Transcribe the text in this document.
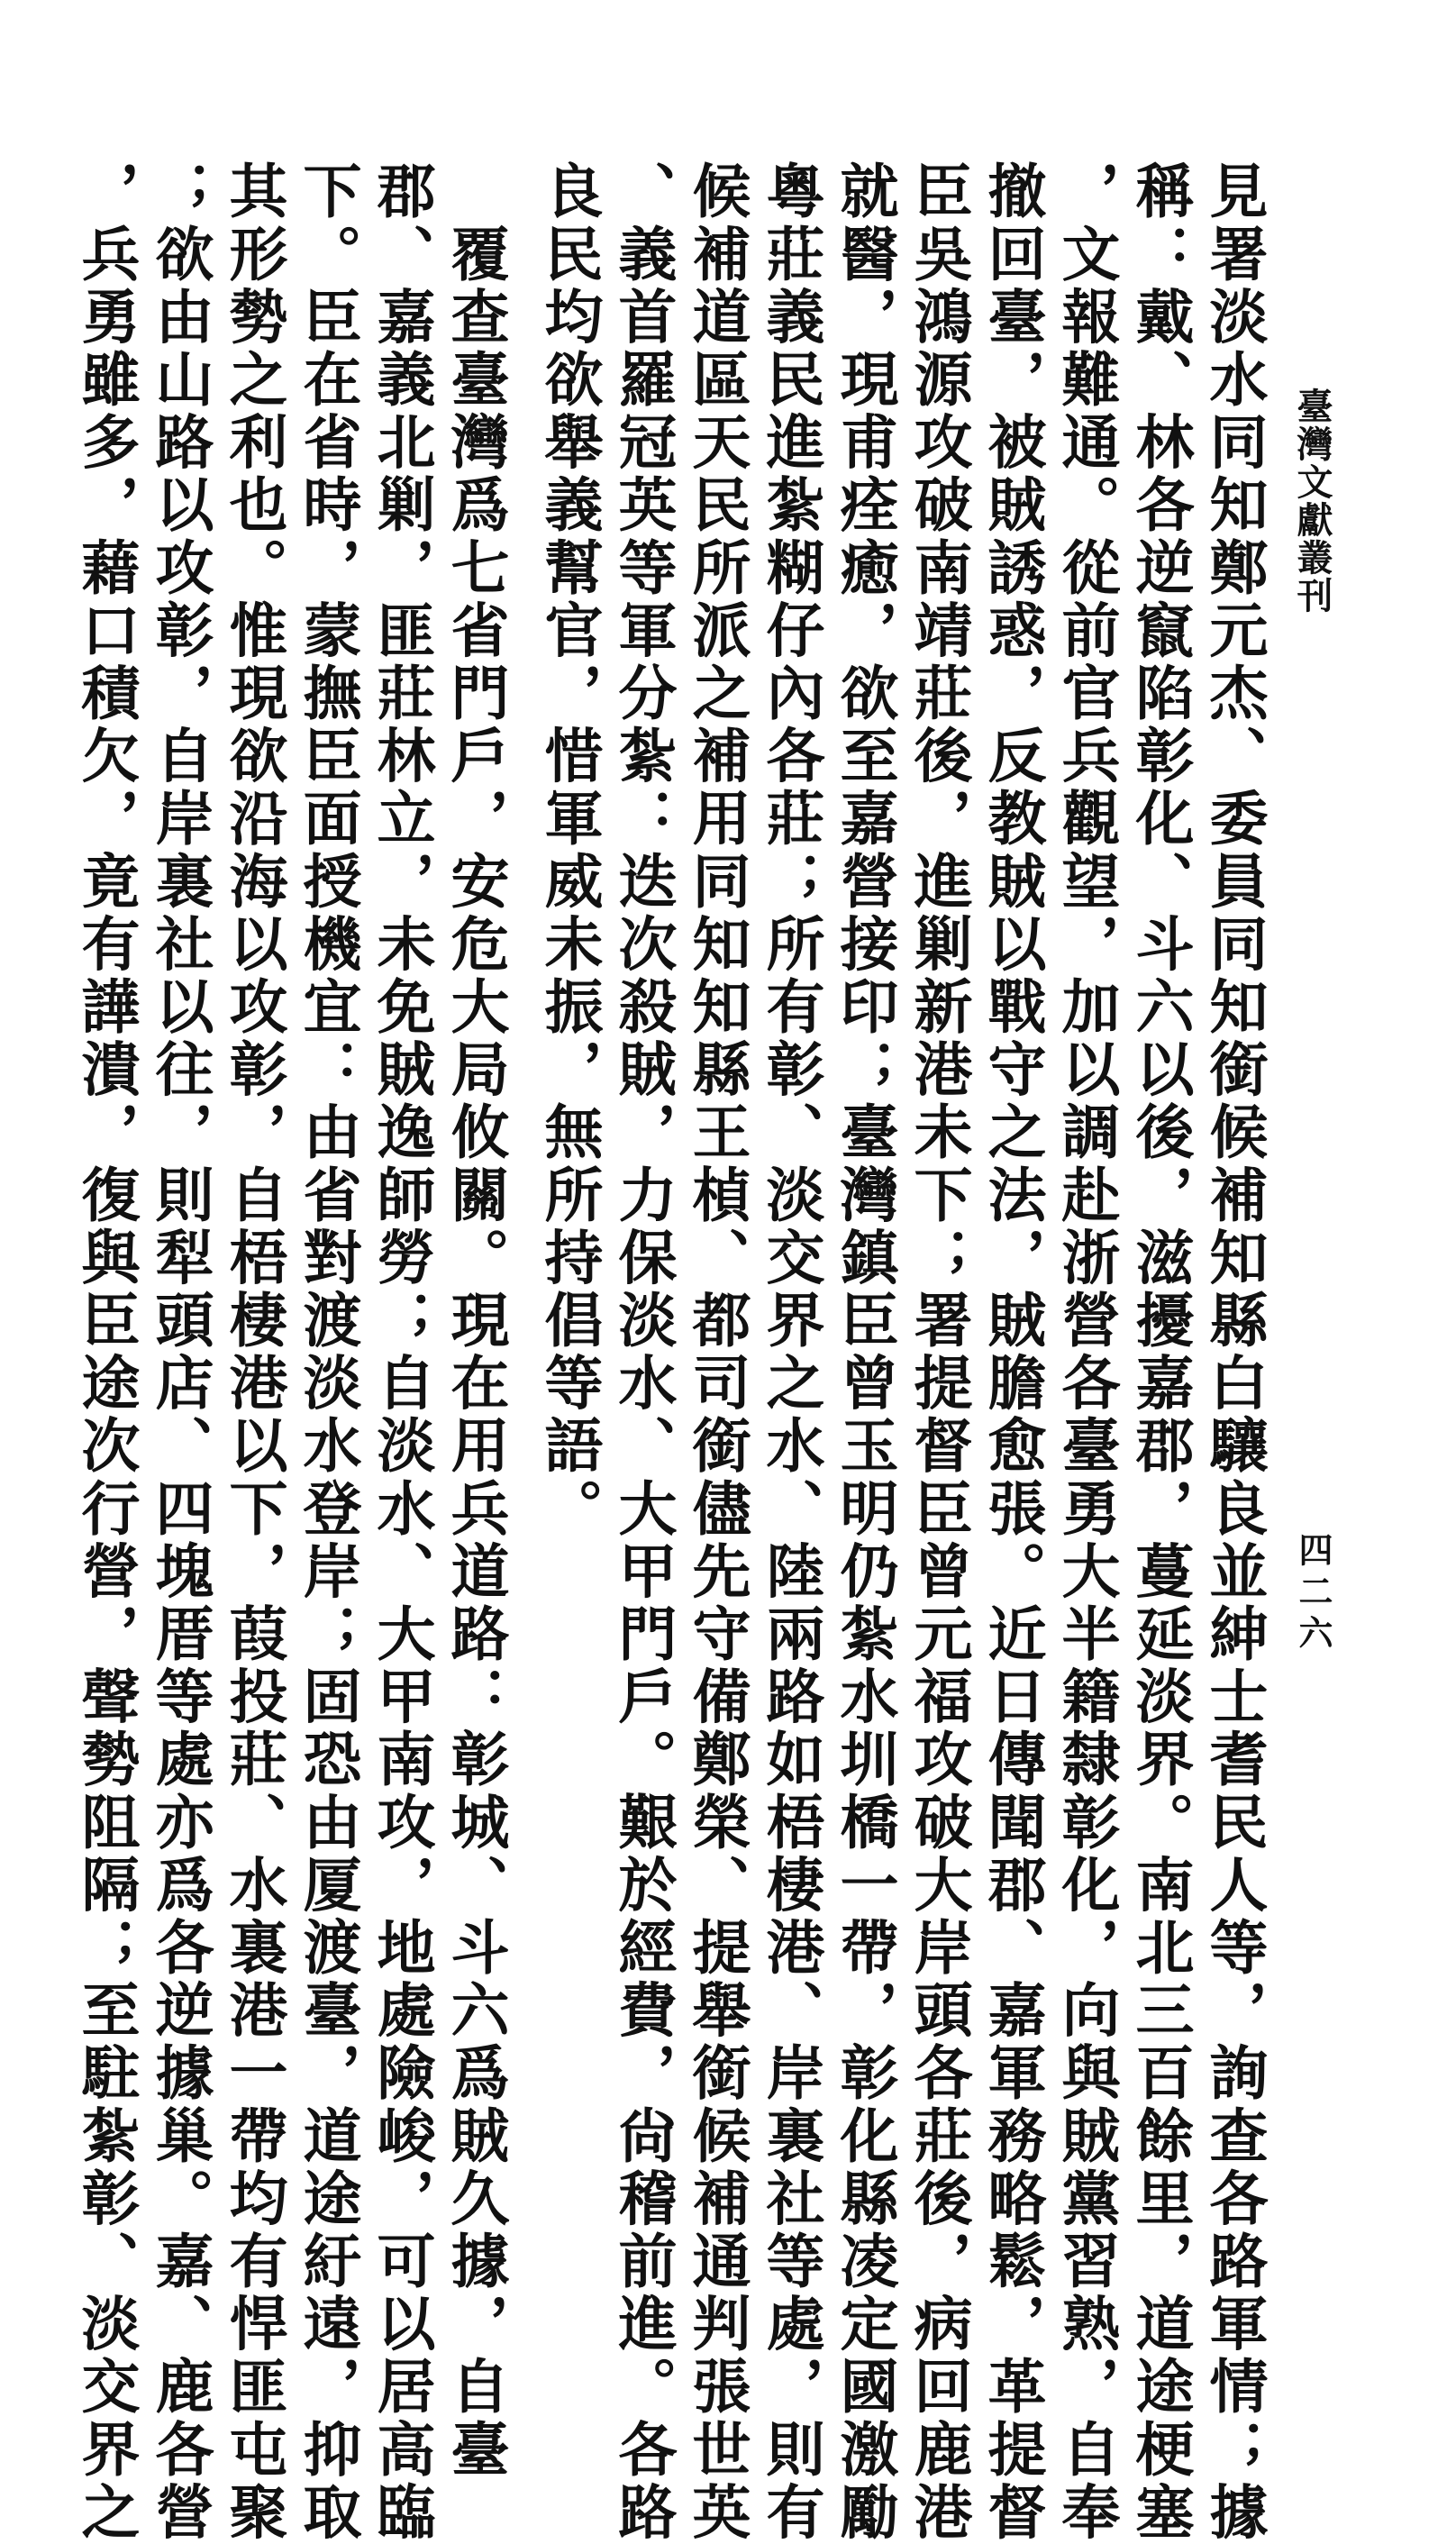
臺灣文獻叢刊
四二六
見署淡水同知鄭元杰、委員同知銜候補知縣白驤良並紳士耆民人等，詢查各路軍情；據
稱：戴、林各逆竄陷彰化、斗六以後，滋擾嘉郡，蔓延淡界。南北三百餘里，道途梗塞
，文報難通。從前官兵觀望，加以調赴浙營各臺勇大半籍隸彰化，向與賊黨習熟，自奉
撤回臺，被賊誘惑，反教賊以戰守之法，賊膽愈張。近日傳聞郡、嘉軍務略鬆，革提督
臣吳鴻源攻破南靖莊後，進剿新港未下；署提督臣曾元福攻破大岸頭各莊後，病回鹿港
就醫，現甫痊癒，欲至嘉營接印；臺灣鎮臣曾玉明仍紮水圳橋一帶，彰化縣凌定國激勵
粵莊義民進紮糊仔內各莊；所有彰、淡交界之水、陸兩路如梧棲港、岸裏社等處，則有
候補道區天民所派之補用同知知縣王楨、都司銜儘先守備鄭榮、提舉銜候補通判張世英
、義首羅冠英等軍分紮：迭次殺賊，力保淡水、大甲門戶。艱於經費，尙稽前進。各路
良民均欲舉義幫官，惜軍威未振，無所持倡等語。
　覆查臺灣爲七省門戶，安危大局攸關。現在用兵道路：彰城、斗六爲賊久據，自臺
郡、嘉義北剿，匪莊林立，未免賊逸師勞；自淡水、大甲南攻，地處險峻，可以居高臨
下。臣在省時，蒙撫臣面授機宜：由省對渡淡水登岸；固恐由厦渡臺，道途紆遠，抑取
其形勢之利也。惟現欲沿海以攻彰，自梧棲港以下，葭投莊、水裏港一帶均有悍匪屯聚
；欲由山路以攻彰，自岸裏社以往，則犁頭店、四塊厝等處亦爲各逆據巢。嘉、鹿各營
，兵勇雖多，藉口積欠，竟有譁潰，復與臣途次行營，聲勢阻隔；至駐紮彰、淡交界之
